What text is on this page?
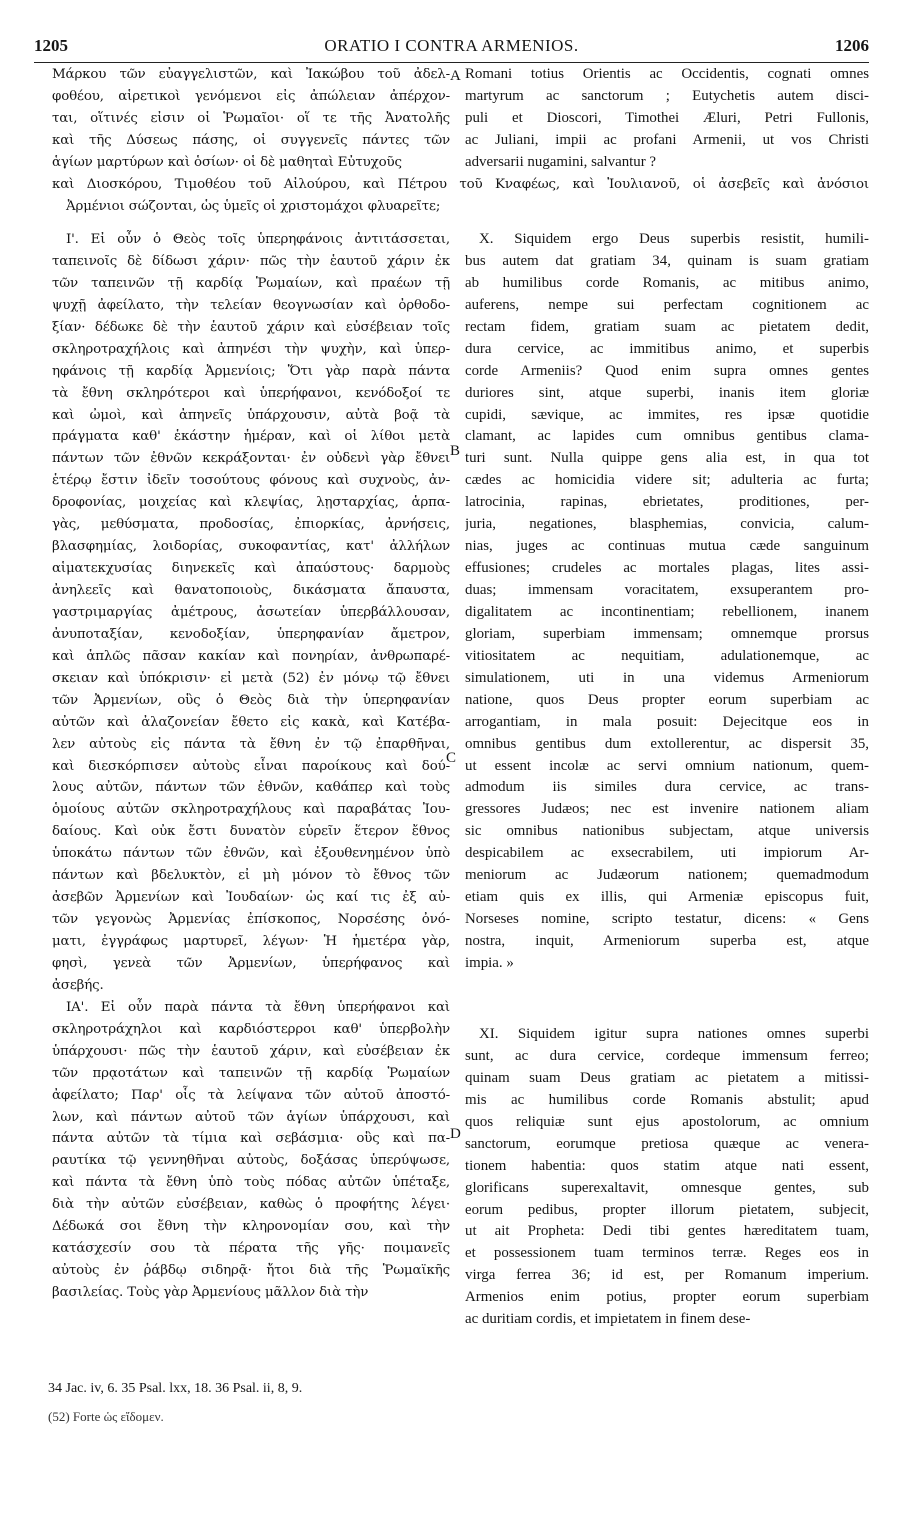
1205	ORATIO I CONTRA ARMENIOS.	1206
Μάρκου τῶν εὐαγγελιστῶν, καὶ Ἰακώβου τοῦ ἀδελ-
φοθέου, αἱρετικοὶ γενόμενοι εἰς ἀπώλειαν ἀπέρχον-
ται, οἵτινές εἰσιν οἱ Ῥωμαῖοι· οἵ τε τῆς Ἀνατολῆς
καὶ τῆς Δύσεως πάσης, οἱ συγγενεῖς πάντες τῶν
ἁγίων μαρτύρων καὶ ὁσίων· οἱ δὲ μαθηταὶ Εὐτυχοῦς
Romani totius Orientis ac Occidentis, cognati omnes
martyrum ac sanctorum ; Eutychetis autem disci-
puli et Dioscori, Timothei Æluri, Petri Fullonis,
ac Juliani, impii ac profani Armenii, ut vos Christi
adversarii nugamini, salvantur ?
καὶ Διοσκόρου, Τιμοθέου τοῦ Αἰλούρου, καὶ Πέτρου τοῦ Κναφέως, καὶ Ἰουλιανοῦ, οἱ ἀσεβεῖς καὶ ἀνόσιοι
Ἀρμένιοι σώζονται, ὡς ὑμεῖς οἱ χριστομάχοι φλυαρεῖτε;
Ι'. Εἰ οὖν ὁ Θεὸς τοῖς ὑπερηφάνοις ἀντιτάσσεται,
ταπεινοῖς δὲ δίδωσι χάριν· πῶς τὴν ἑαυτοῦ χάριν ἐκ
τῶν ταπεινῶν τῇ καρδίᾳ Ῥωμαίων, καὶ πραέων τῇ
ψυχῇ ἀφείλατο, τὴν τελείαν θεογνωσίαν καὶ ὀρθοδο-
ξίαν· δέδωκε δὲ τὴν ἑαυτοῦ χάριν καὶ εὐσέβειαν τοῖς
σκληροτραχήλοις καὶ ἀπηνέσι τὴν ψυχὴν, καὶ ὑπερ-
ηφάνοις τῇ καρδίᾳ Ἀρμενίοις; Ὅτι γὰρ παρὰ πάντα
τὰ ἔθνη σκληρότεροι καὶ ὑπερήφανοι, κενόδοξοί τε
καὶ ὠμοὶ, καὶ ἀπηνεῖς ὑπάρχουσιν, αὐτὰ βοᾷ τὰ
πράγματα καθ' ἑκάστην ἡμέραν, καὶ οἱ λίθοι μετὰ
πάντων τῶν ἐθνῶν κεκράξονται· ἐν οὐδενὶ γὰρ ἔθνει
ἑτέρῳ ἔστιν ἰδεῖν τοσούτους φόνους καὶ συχνοὺς, ἀν-
δροφονίας, μοιχείας καὶ κλεψίας, λῃσταρχίας, ἁρπα-
γὰς, μεθύσματα, προδοσίας, ἐπιορκίας, ἀρνήσεις,
βλασφημίας, λοιδορίας, συκοφαντίας, κατ' ἀλλήλων
αἱματεκχυσίας διηνεκεῖς καὶ ἀπαύστους· δαρμοὺς
ἀνηλεεῖς καὶ θανατοποιοὺς, δικάσματα ἄπαυστα,
γαστριμαργίας ἀμέτρους, ἀσωτείαν ὑπερβάλλουσαν,
ἀνυποταξίαν, κενοδοξίαν, ὑπερηφανίαν ἄμετρον,
καὶ ἁπλῶς πᾶσαν κακίαν καὶ πονηρίαν, ἀνθρωπαρέ-
σκειαν καὶ ὑπόκρισιν· εἰ μετὰ (52) ἐν μόνῳ τῷ ἔθνει
τῶν Ἀρμενίων, οὓς ὁ Θεὸς διὰ τὴν ὑπερηφανίαν
αὐτῶν καὶ ἀλαζονείαν ἔθετο εἰς κακὰ, καὶ Κατέβα-
λεν αὐτοὺς εἰς πάντα τὰ ἔθνη ἐν τῷ ἐπαρθῆναι,
καὶ διεσκόρπισεν αὐτοὺς εἶναι παροίκους καὶ δού-
λους αὐτῶν, πάντων τῶν ἐθνῶν, καθάπερ καὶ τοὺς
ὁμοίους αὐτῶν σκληροτραχήλους καὶ παραβάτας Ἰου-
δαίους. Καὶ οὐκ ἔστι δυνατὸν εὑρεῖν ἕτερον ἔθνος
ὑποκάτω πάντων τῶν ἐθνῶν, καὶ ἐξουθενημένον ὑπὸ
πάντων καὶ βδελυκτὸν, εἰ μὴ μόνον τὸ ἔθνος τῶν
ἀσεβῶν Ἀρμενίων καὶ Ἰουδαίων· ὡς καί τις ἐξ αὐ-
τῶν γεγονὼς Ἀρμενίας ἐπίσκοπος, Νορσέσης ὀνό-
ματι, ἐγγράφως μαρτυρεῖ, λέγων· Ἡ ἡμετέρα γὰρ,
φησὶ, γενεὰ τῶν Ἀρμενίων, ὑπερήφανος καὶ
ἀσεβής.
ΙΑ'. Εἰ οὖν παρὰ πάντα τὰ ἔθνη ὑπερήφανοι καὶ
σκληροτράχηλοι καὶ καρδιόστερροι καθ' ὑπερβολὴν
ὑπάρχουσι· πῶς τὴν ἑαυτοῦ χάριν, καὶ εὐσέβειαν ἐκ
τῶν πρᾳοτάτων καὶ ταπεινῶν τῇ καρδίᾳ Ῥωμαίων
ἀφείλατο; Παρ' οἷς τὰ λείψανα τῶν αὐτοῦ ἀποστό-
λων, καὶ πάντων αὐτοῦ τῶν ἁγίων ὑπάρχουσι, καὶ
πάντα αὐτῶν τὰ τίμια καὶ σεβάσμια· οὓς καὶ πα-
ραυτίκα τῷ γεννηθῆναι αὐτοὺς, δοξάσας ὑπερύψωσε,
καὶ πάντα τὰ ἔθνη ὑπὸ τοὺς πόδας αὐτῶν ὑπέταξε,
διὰ τὴν αὐτῶν εὐσέβειαν, καθὼς ὁ προφήτης λέγει·
Δέδωκά σοι ἔθνη τὴν κληρονομίαν σου, καὶ τὴν
κατάσχεσίν σου τὰ πέρατα τῆς γῆς· ποιμανεῖς
αὐτοὺς ἐν ῥάβδῳ σιδηρᾷ· ἤτοι διὰ τῆς Ῥωμαϊκῆς
βασιλείας. Τοὺς γὰρ Ἀρμενίους μᾶλλον διὰ τὴν
X. Siquidem ergo Deus superbis resistit, humili-
bus autem dat gratiam 34, quinam is suam gratiam
ab humilibus corde Romanis, ac mitibus animo,
auferens, nempe sui perfectam cognitionem ac
rectam fidem, gratiam suam ac pietatem dedit,
dura cervice, ac immitibus animo, et superbis
corde Armeniis? Quod enim supra omnes gentes
duriores sint, atque superbi, inanis item gloriæ
cupidi, sævique, ac immites, res ipsæ quotidie
clamant, ac lapides cum omnibus gentibus clama-
turi sunt. Nulla quippe gens alia est, in qua tot
cædes ac homicidia videre sit; adulteria ac furta;
latrocinia, rapinas, ebrietates, proditiones, per-
juria, negationes, blasphemias, convicia, calum-
nias, juges ac continuas mutua cæde sanguinum
effusiones; crudeles ac mortales plagas, lites assi-
duas; immensam voracitatem, exsuperantem pro-
digalitatem ac incontinentiam; rebellionem, inanem
gloriam, superbiam immensam; omnemque prorsus
vitiositatem ac nequitiam, adulationemque, ac
simulationem, uti in una videmus Armeniorum
natione, quos Deus propter eorum superbiam ac
arrogantiam, in mala posuit: Dejecitque eos in
omnibus gentibus dum extollerentur, ac dispersit 35,
ut essent incolæ ac servi omnium nationum, quem-
admodum iis similes dura cervice, ac trans-
gressores Judæos; nec est invenire nationem aliam
sic omnibus nationibus subjectam, atque universis
despicabilem ac exsecrabilem, uti impiorum Ar-
meniorum ac Judæorum nationem; quemadmodum
etiam quis ex illis, qui Armeniæ episcopus fuit,
Norseses nomine, scripto testatur, dicens: « Gens
nostra, inquit, Armeniorum superba est, atque
impia. »
XI. Siquidem igitur supra nationes omnes superbi
sunt, ac dura cervice, cordeque immensum ferreo;
quinam suam Deus gratiam ac pietatem a mitissi-
mis ac humilibus corde Romanis abstulit; apud
quos reliquiæ sunt ejus apostolorum, ac omnium
sanctorum, eorumque pretiosa quæque ac venera-
tionem habentia: quos statim atque nati essent,
glorificans superexaltavit, omnesque gentes, sub
eorum pedibus, propter illorum pietatem, subjecit,
ut ait Propheta: Dedi tibi gentes hæreditatem tuam,
et possessionem tuam terminos terræ. Reges eos in
virga ferrea 36; id est, per Romanum imperium.
Armenios enim potius, propter eorum superbiam
ac duritiam cordis, et impietatem in finem dese-
A
B
C
D
34 Jac. iv, 6. 35 Psal. lxx, 18. 36 Psal. ii, 8, 9.
(52) Forte ὡς εἴδομεν.
